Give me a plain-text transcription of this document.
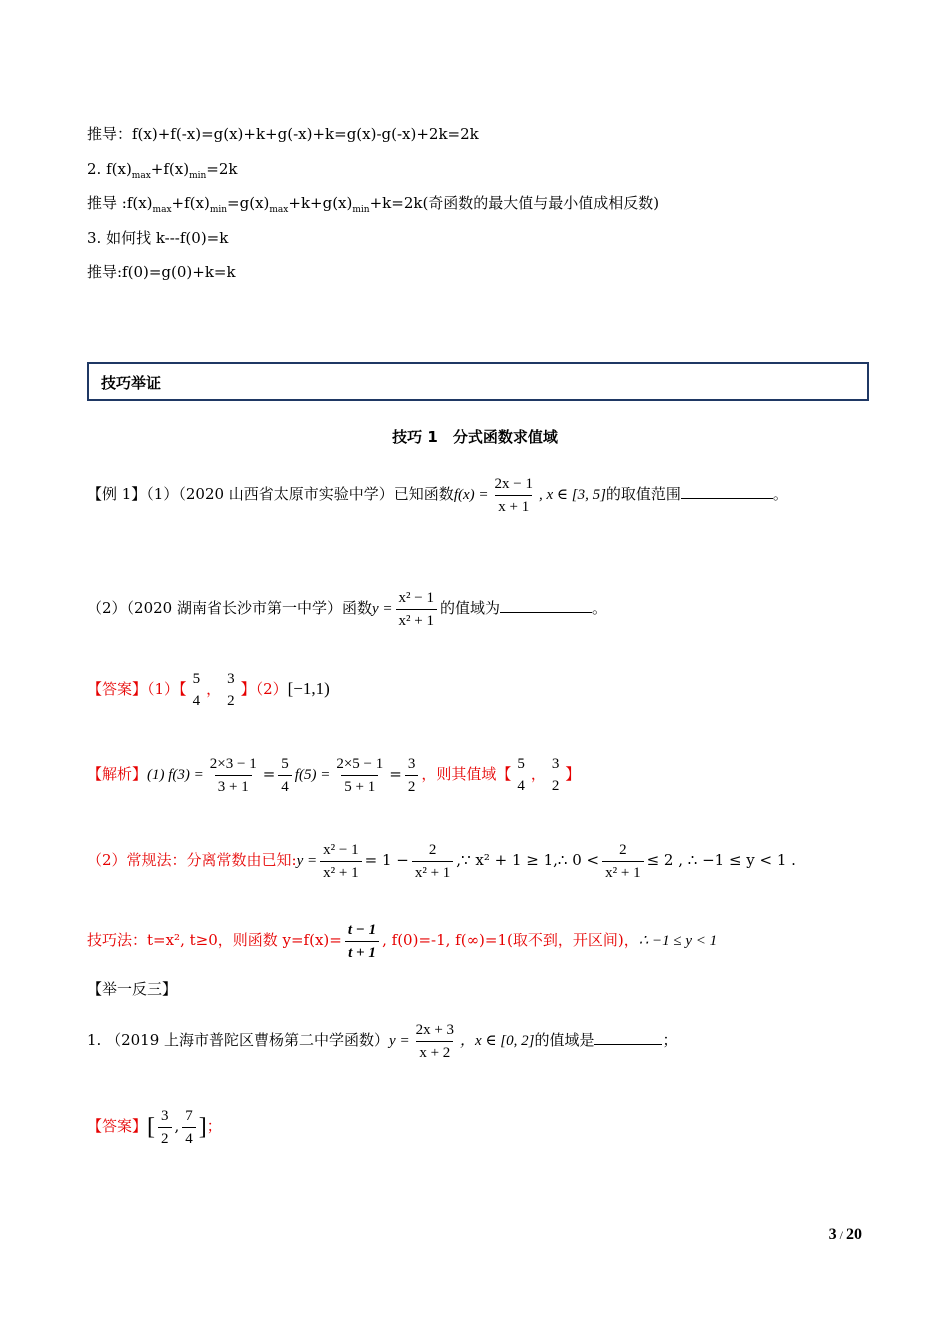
推导：f(x)+f(-x)=g(x)+k+g(-x)+k=g(x)-g(-x)+2k=2k
2. $f(x)_{max}+f(x)_{min}=2k$
推导 $:f(x)_{max}+f(x)_{min}=g(x)_{max}+k+g(x)_{min}+k=2k$(奇函数的最大值与最小值成相反数)
3. 如何找 k---f(0)=k
推导:f(0)=g(0)+k=k
技巧举证
技巧 1　分式函数求值域
【例 1】（1）（2020 山西省太原市实验中学）已知函数$f(x) = \frac{2x - 1}{x + 1}$ , x ∈ [3, 5]的取值范围	。
（2）（2020 湖南省长沙市第一中学）函数$y = \frac{\text{x² − 1}}{\text{x² + 1}}$ 的值域为	。
【答案】（1）【
5
4
，
3
2
】（2）[−1,1)
【解析】(1) $f(3) = \frac{2\times 3 - 1}{3 + 1} = \frac{5}{4} f(5) = \frac{2\times 5 - 1}{5 + 1} = \frac{3}{2}$ ，则其值域【
5
4
，
3
2
】
（2）常规法：分离常数由已知:y = $\frac{\text{x² − 1}}{\text{x² + 1}} = 1 - \frac{2}{\text{x² + 1}}$ ,∵ x² + 1 ≥ 1,∴ $0 < \frac{2}{\text{x² + 1}} \le 2$ , ∴ −1 ≤ y < 1 .
技巧法：t=x², t≥0，则函数 $y=f(x)= \frac{t - 1}{t + 1}$ , f(0)=-1, f(∞)=1(取不到，开区间)，∴ −1 ≤ y < 1
【举一反三】
1. （2019 上海市普陀区曹杨第二中学函数）$y = \frac{2x + 3}{x + 2}$ ，x ∈ [0, 2]的值域是	；
【答案】[ $\frac{3}{2}$ , $\frac{7}{4}$ ]；
3 / 20
